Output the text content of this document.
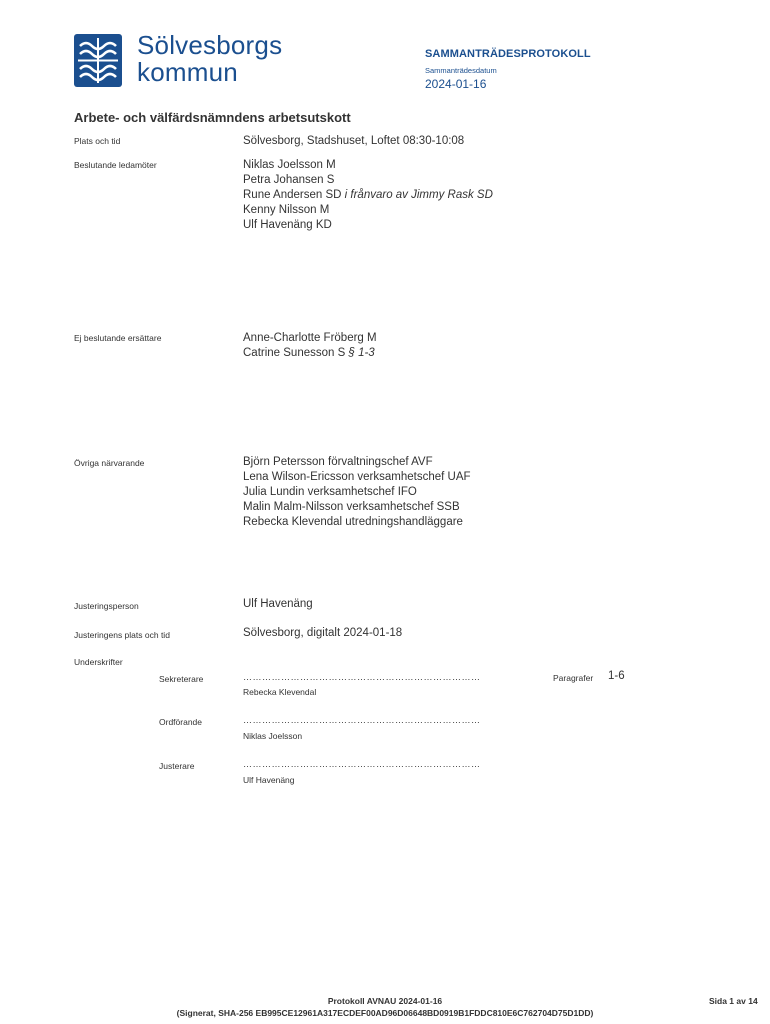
Sölvesborgs
kommun
SAMMANTRÄDESPROTOKOLL
Sammanträdesdatum
2024-01-16
Arbete- och välfärdsnämndens arbetsutskott
Plats och tid	Sölvesborg, Stadshuset, Loftet 08:30-10:08
Beslutande ledamöter	Niklas Joelsson M
Petra Johansen S
Rune Andersen SD i frånvaro av Jimmy Rask SD
Kenny Nilsson M
Ulf Havenäng KD
Ej beslutande ersättare	Anne-Charlotte Fröberg M
Catrine Sunesson S § 1-3
Övriga närvarande	Björn Petersson förvaltningschef AVF
Lena Wilson-Ericsson verksamhetschef UAF
Julia Lundin verksamhetschef IFO
Malin Malm-Nilsson verksamhetschef SSB
Rebecka Klevendal utredningshandläggare
Justeringsperson	Ulf Havenäng
Justeringens plats och tid	Sölvesborg, digitalt 2024-01-18
Underskrifter
Sekreterare	…………………………………………………………………
Rebecka Klevendal
Paragrafer 1-6
Ordförande	…………………………………………………………………
Niklas Joelsson
Justerare	…………………………………………………………………
Ulf Havenäng
Protokoll AVNAU 2024-01-16
(Signerat, SHA-256 EB995CE12961A317ECDEF00AD96D06648BD0919B1FDDC810E6C762704D75D1DD)
Sida 1 av 14
